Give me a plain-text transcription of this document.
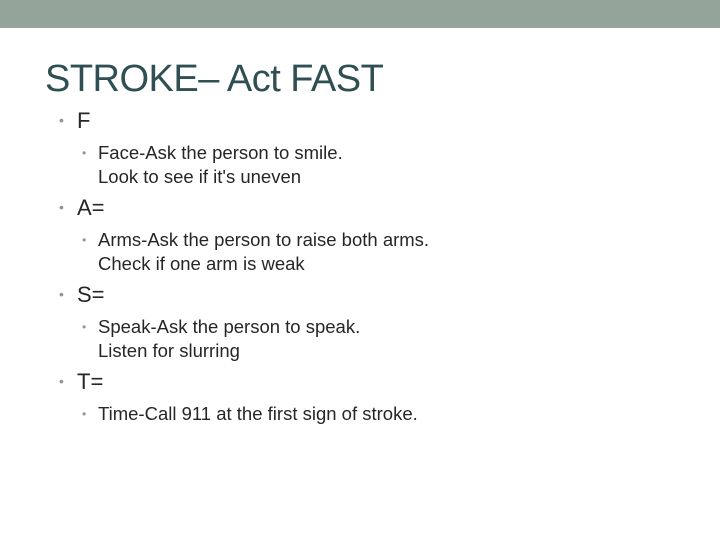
STROKE– Act FAST
• F
• Face-Ask the person to smile.
Look to see if it's uneven
• A=
• Arms-Ask the person to raise both arms.
Check if one arm is weak
• S=
• Speak-Ask the person to speak.
Listen for slurring
• T=
• Time-Call 911 at the first sign of stroke.
